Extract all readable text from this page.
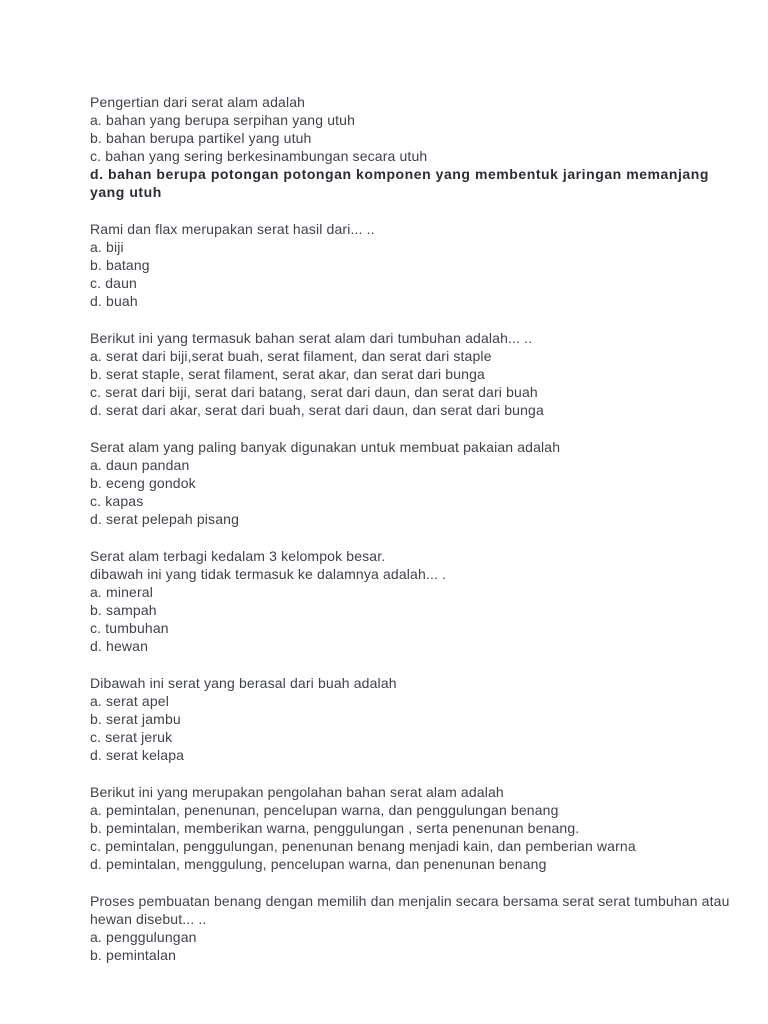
Pengertian dari serat alam adalah
a. bahan yang berupa serpihan yang utuh
b. bahan berupa partikel yang utuh
c. bahan yang sering berkesinambungan secara utuh
d. bahan berupa potongan potongan komponen yang membentuk jaringan memanjang yang utuh
Rami dan flax merupakan serat hasil dari... ..
a. biji
b. batang
c. daun
d. buah
Berikut ini yang termasuk bahan serat alam dari tumbuhan adalah... ..
a. serat dari biji,serat buah, serat filament, dan serat dari staple
b. serat staple, serat filament, serat akar, dan serat dari bunga
c. serat dari biji, serat dari batang, serat dari daun, dan serat dari buah
d. serat dari akar, serat dari buah, serat dari daun, dan serat dari bunga
Serat alam yang paling banyak digunakan untuk membuat pakaian adalah
a. daun pandan
b. eceng gondok
c. kapas
d. serat pelepah pisang
Serat alam terbagi kedalam 3 kelompok besar.
dibawah ini yang tidak termasuk ke dalamnya adalah... .
a. mineral
b. sampah
c. tumbuhan
d. hewan
Dibawah ini serat yang berasal dari buah adalah
a. serat apel
b. serat jambu
c. serat jeruk
d. serat kelapa
Berikut ini yang merupakan pengolahan bahan serat alam adalah
a. pemintalan, penenunan, pencelupan warna, dan penggulungan benang
b. pemintalan, memberikan warna, penggulungan , serta penenunan benang.
c. pemintalan, penggulungan, penenunan benang menjadi kain, dan pemberian warna
d. pemintalan, menggulung, pencelupan warna, dan penenunan benang
Proses pembuatan benang dengan memilih dan menjalin secara bersama serat serat tumbuhan atau hewan disebut... ..
a. penggulungan
b. pemintalan
